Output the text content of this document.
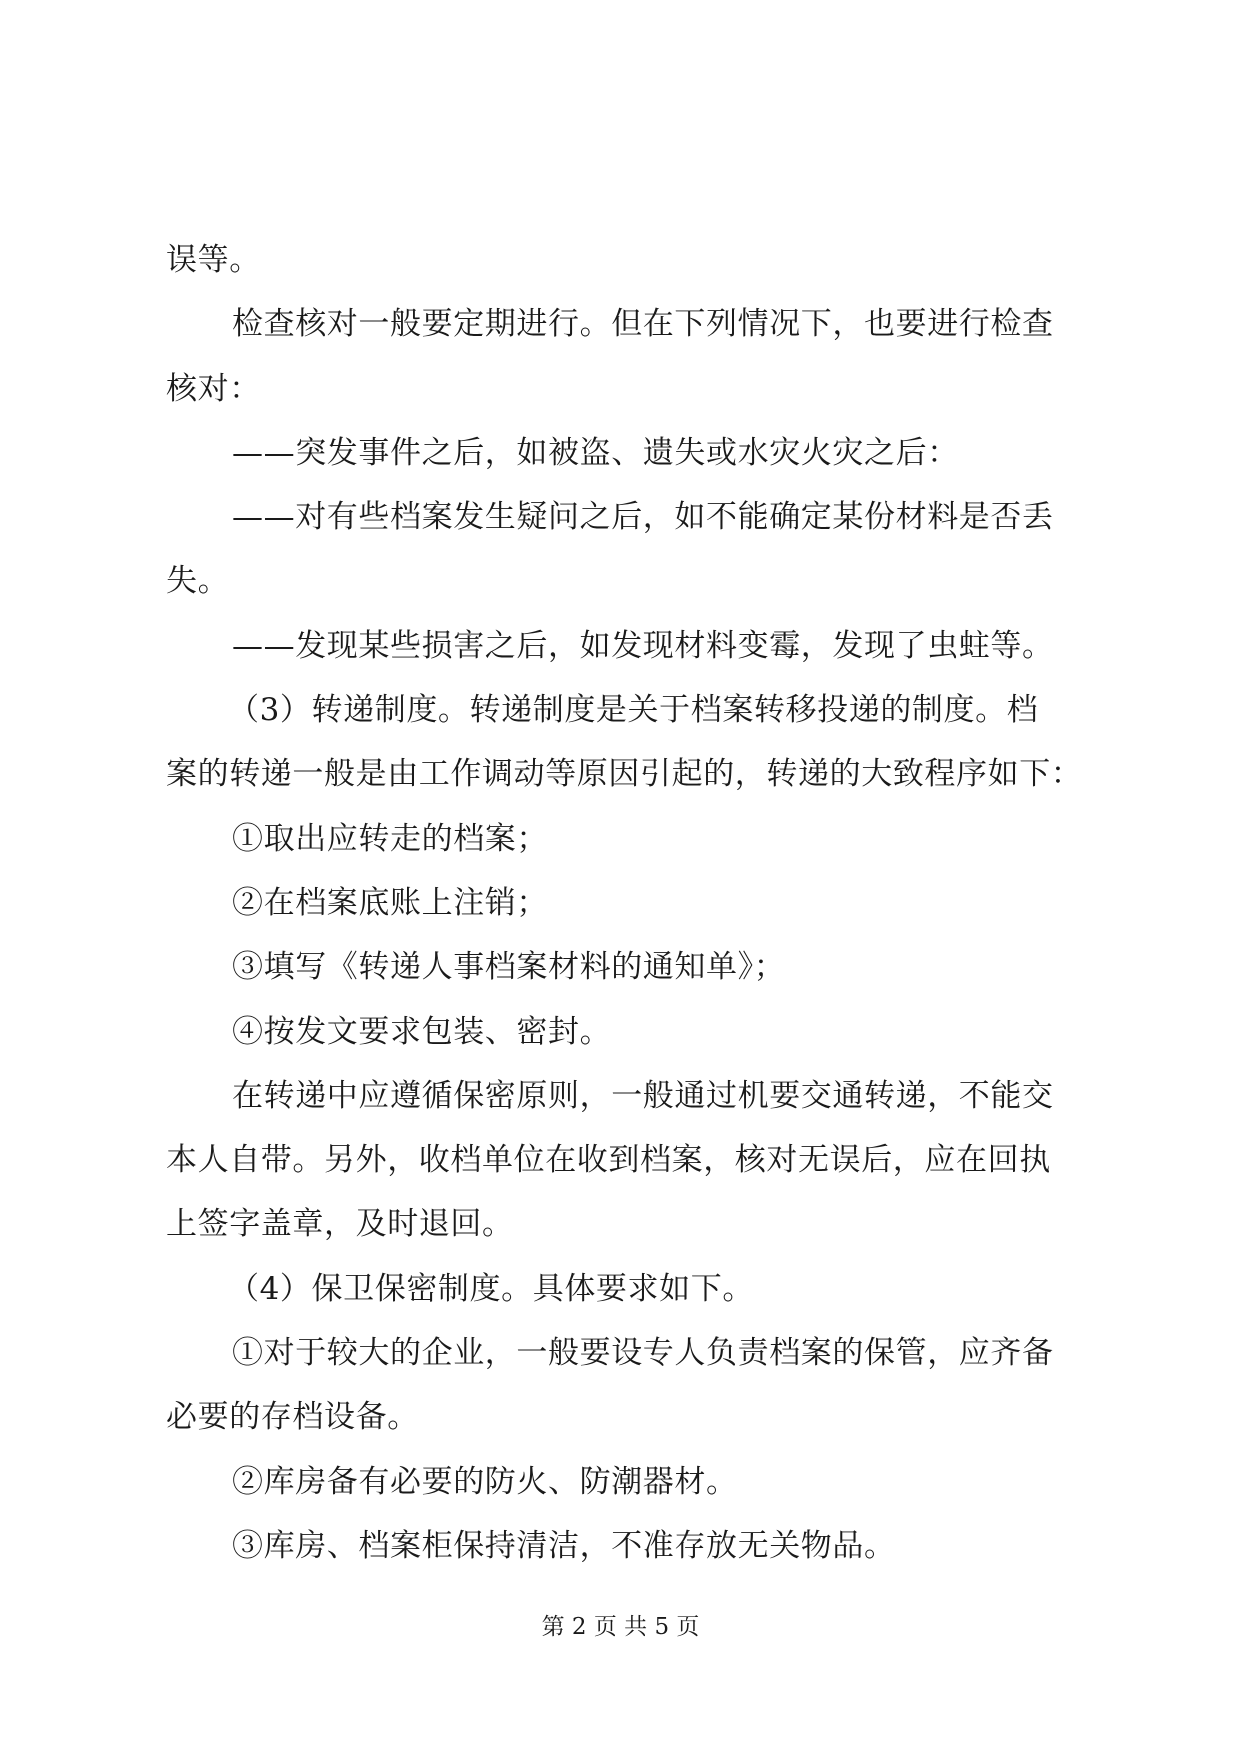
误等。
检查核对一般要定期进行。但在下列情况下，也要进行检查
核对：
——突发事件之后，如被盗、遗失或水灾火灾之后：
——对有些档案发生疑问之后，如不能确定某份材料是否丢
失。
——发现某些损害之后，如发现材料变霉，发现了虫蛀等。
（3）转递制度。转递制度是关于档案转移投递的制度。档
案的转递一般是由工作调动等原因引起的，转递的大致程序如下：
①取出应转走的档案；
②在档案底账上注销；
③填写《转递人事档案材料的通知单》；
④按发文要求包装、密封。
在转递中应遵循保密原则，一般通过机要交通转递，不能交
本人自带。另外，收档单位在收到档案，核对无误后，应在回执
上签字盖章，及时退回。
（4）保卫保密制度。具体要求如下。
①对于较大的企业，一般要设专人负责档案的保管，应齐备
必要的存档设备。
②库房备有必要的防火、防潮器材。
③库房、档案柜保持清洁，不准存放无关物品。
第 2 页 共 5 页
